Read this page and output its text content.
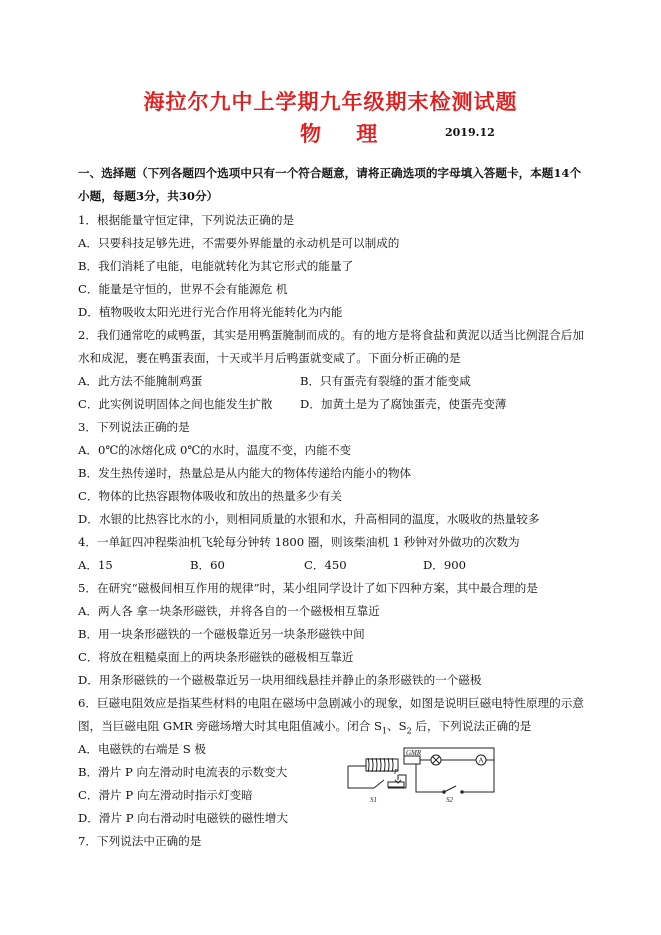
海拉尔九中上学期九年级期末检测试题
物 理	2019.12
一、选择题（下列各题四个选项中只有一个符合题意，请将正确选项的字母填入答题卡，本题14个
小题，每题3分，共30分）
1．根据能量守恒定律，下列说法正确的是
A．只要科技足够先进，不需要外界能量的永动机是可以制成的
B．我们消耗了电能，电能就转化为其它形式的能量了
C．能量是守恒的，世界不会有能源危 机
D．植物吸收太阳光进行光合作用将光能转化为内能
2．我们通常吃的咸鸭蛋，其实是用鸭蛋腌制而成的。有的地方是将食盐和黄泥以适当比例混合后加
水和成泥，裹在鸭蛋表面，十天或半月后鸭蛋就变咸了。下面分析正确的是
A．此方法不能腌制鸡蛋	B．只有蛋壳有裂缝的蛋才能变咸
C．此实例说明固体之间也能发生扩散 D．加黄土是为了腐蚀蛋壳，使蛋壳变薄
3．下列说法正确的是
A．0℃的冰熔化成 0℃的水时，温度不变，内能不变
B．发生热传递时，热量总是从内能大的物体传递给内能小的物体
C．物体的比热容跟物体吸收和放出的热量多少有关
D．水银的比热容比水的小，则相同质量的水银和水，升高相同的温度，水吸收的热量较多
4．一单缸四冲程柴油机飞轮每分钟转 1800 圈，则该柴油机 1 秒钟对外做功的次数为
A．15	B．60	C．450	D．900
5．在研究“磁极间相互作用的规律”时，某小组同学设计了如下四种方案，其中最合理的是
A．两人各 拿一块条形磁铁，并将各自的一个磁极相互靠近
B．用一块条形磁铁的一个磁极靠近另一块条形磁铁中间
C．将放在粗糙桌面上的两块条形磁铁的磁极相互靠近
D．用条形磁铁的一个磁极靠近另一块用细线悬挂并静止的条形磁铁的一个磁极
6．巨磁电阻效应是指某些材料的电阻在磁场中急剧减小的现象，如图是说明巨磁电特性原理的示意
图，当巨磁电阻 GMR 旁磁场增大时其电阻值减小。闭合 $S_1$、$S_2$ 后，下列说法正确的是
A．电磁铁的右端是 S 极
B．滑片 P 向左滑动时电流表的示数变大
C．滑片 P 向左滑动时指示灯变暗
D．滑片 P 向右滑动时电磁铁的磁性增大
GMR
A
P
S1	S2
7．下列说法中正确的是
